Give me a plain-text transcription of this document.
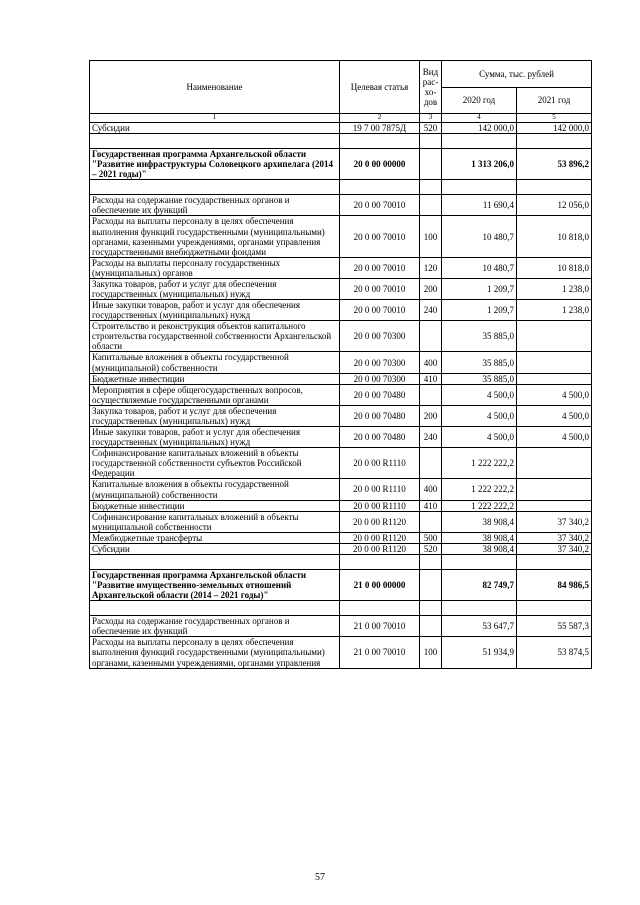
Наименование	Целевая статья	Вид рас-хо-дов	Сумма, тыс. рублей	
			2020 год	2021 год
1	2	3	4	5
Субсидии	19 7 00 7875Д	520	142 000,0	142 000,0

Государственная программа Архангельской области "Развитие инфраструктуры Соловецкого архипелага (2014 – 2021 годы)"	20 0 00 00000		1 313 206,0	53 896,2

Расходы на содержание государственных органов и обеспечение их функций	20 0 00 70010		11 690,4	12 056,0
Расходы на выплаты персоналу в целях обеспечения выполнения функций государственными (муниципальными) органами, казенными учреждениями, органами управления государственными внебюджетными фондами	20 0 00 70010	100	10 480,7	10 818,0
Расходы на выплаты персоналу государственных (муниципальных) органов	20 0 00 70010	120	10 480,7	10 818,0
Закупка товаров, работ и услуг для обеспечения государственных (муниципальных) нужд	20 0 00 70010	200	1 209,7	1 238,0
Иные закупки товаров, работ и услуг для обеспечения государственных (муниципальных) нужд	20 0 00 70010	240	1 209,7	1 238,0
Строительство и реконструкция объектов капитального строительства государственной собственности Архангельской области	20 0 00 70300		35 885,0	
Капитальные вложения в объекты государственной (муниципальной) собственности	20 0 00 70300	400	35 885,0	
Бюджетные инвестиции	20 0 00 70300	410	35 885,0	
Мероприятия в сфере общегосударственных вопросов, осуществляемые государственными органами	20 0 00 70480		4 500,0	4 500,0
Закупка товаров, работ и услуг для обеспечения государственных (муниципальных) нужд	20 0 00 70480	200	4 500,0	4 500,0
Иные закупки товаров, работ и услуг для обеспечения государственных (муниципальных) нужд	20 0 00 70480	240	4 500,0	4 500,0
Софинансирование капитальных вложений в объекты государственной собственности субъектов Российской Федерации	20 0 00 R1110		1 222 222,2	
Капитальные вложения в объекты государственной (муниципальной) собственности	20 0 00 R1110	400	1 222 222,2	
Бюджетные инвестиции	20 0 00 R1110	410	1 222 222,2	
Софинансирование капитальных вложений в объекты муниципальной собственности	20 0 00 R1120		38 908,4	37 340,2
Межбюджетные трансферты	20 0 00 R1120	500	38 908,4	37 340,2
Субсидии	20 0 00 R1120	520	38 908,4	37 340,2

Государственная программа Архангельской области "Развитие имущественно-земельных отношений Архангельской области (2014 – 2021 годы)"	21 0 00 00000		82 749,7	84 986,5

Расходы на содержание государственных органов и обеспечение их функций	21 0 00 70010		53 647,7	55 587,3
Расходы на выплаты персоналу в целях обеспечения выполнения функций государственными (муниципальными) органами, казенными учреждениями, органами управления	21 0 00 70010	100	51 934,9	53 874,5
57
